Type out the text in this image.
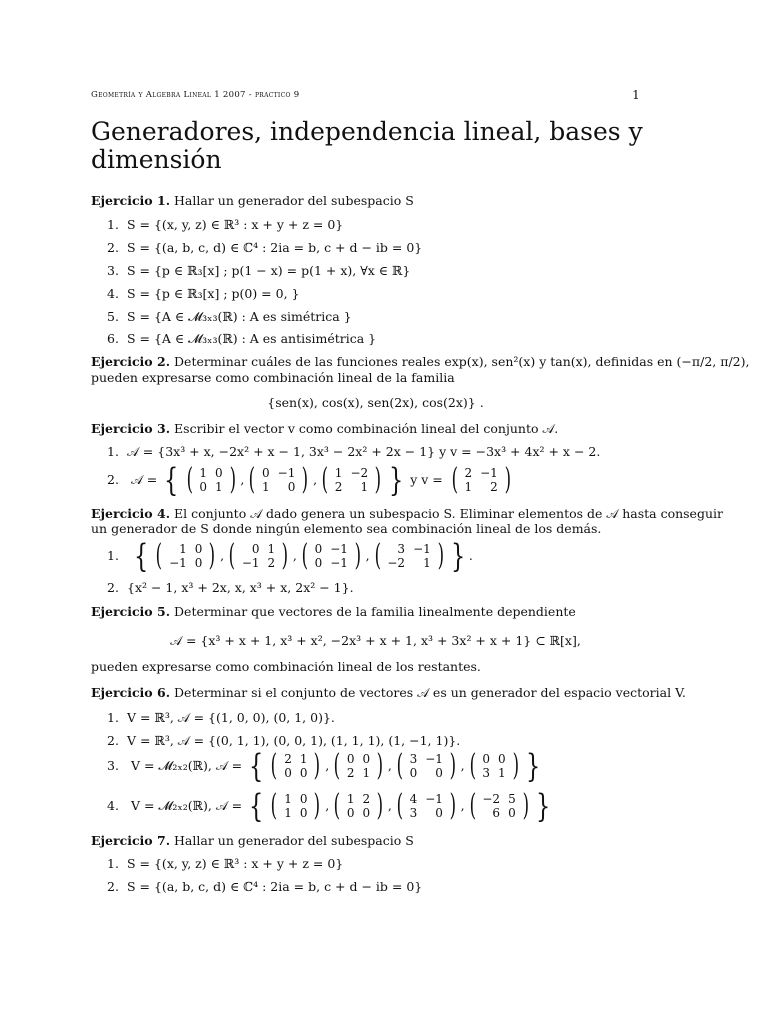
Geometría y Algebra Lineal 1 2007 - practico 9	1
Generadores, independencia lineal, bases y dimensión
Ejercicio 1. Hallar un generador del subespacio S
1. S = {(x, y, z) ∈ ℝ³ : x + y + z = 0}
2. S = {(a, b, c, d) ∈ ℂ⁴ : 2ia = b, c + d − ib = 0}
3. S = {p ∈ ℝ₃[x] ; p(1 − x) = p(1 + x), ∀x ∈ ℝ}
4. S = {p ∈ ℝ₃[x] ; p(0) = 0, }
5. S = {A ∈ 𝓜₃ₓ₃(ℝ) : A es simétrica }
6. S = {A ∈ 𝓜₃ₓ₃(ℝ) : A es antisimétrica }
Ejercicio 2. Determinar cuáles de las funciones reales exp(x), sen²(x) y tan(x), definidas en (−π/2, π/2),
pueden expresarse como combinación lineal de la familia
{sen(x), cos(x), sen(2x), cos(2x)} .
Ejercicio 3. Escribir el vector v como combinación lineal del conjunto 𝒜.
1. 𝒜 = {3x³ + x, −2x² + x − 1, 3x³ − 2x² + 2x − 1} y v = −3x³ + 4x² + x − 2.
2. 𝒜 = { ( 1	0
0	1 ) , ( 0	−1
1	0 ) , ( 1	−2
2	1 ) } y v = ( 2	−1
1	2 )
Ejercicio 4. El conjunto 𝒜 dado genera un subespacio S. Eliminar elementos de 𝒜 hasta conseguir
un generador de S donde ningún elemento sea combinación lineal de los demás.
1. { ( 1	0
−1	0 ) , ( 0	1
−1	2 ) , ( 0	−1
0	−1 ) , ( 3	−1
−2	1 ) } .
2. {x² − 1, x³ + 2x, x, x³ + x, 2x² − 1}.
Ejercicio 5. Determinar que vectores de la familia linealmente dependiente
𝒜 = {x³ + x + 1, x³ + x², −2x³ + x + 1, x³ + 3x² + x + 1} ⊂ ℝ[x],
pueden expresarse como combinación lineal de los restantes.
Ejercicio 6. Determinar si el conjunto de vectores 𝒜 es un generador del espacio vectorial V.
1. V = ℝ³, 𝒜 = {(1, 0, 0), (0, 1, 0)}.
2. V = ℝ³, 𝒜 = {(0, 1, 1), (0, 0, 1), (1, 1, 1), (1, −1, 1)}.
3. V = 𝓜₂ₓ₂(ℝ), 𝒜 = { ( 2	1
0	0 ) , ( 0	0
2	1 ) , ( 3	−1
0	0 ) , ( 0	0
3	1 ) }
4. V = 𝓜₂ₓ₂(ℝ), 𝒜 = { ( 1	0
1	0 ) , ( 1	2
0	0 ) , ( 4	−1
3	0 ) , ( −2	5
6	0 ) }
Ejercicio 7. Hallar un generador del subespacio S
1. S = {(x, y, z) ∈ ℝ³ : x + y + z = 0}
2. S = {(a, b, c, d) ∈ ℂ⁴ : 2ia = b, c + d − ib = 0}
